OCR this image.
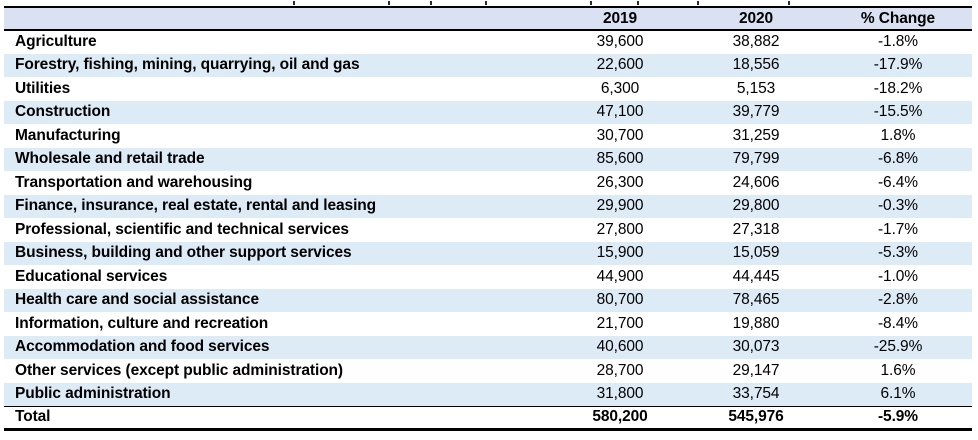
	2019	2020	% Change
Agriculture	39,600	38,882	-1.8%
Forestry, fishing, mining, quarrying, oil and gas	22,600	18,556	-17.9%
Utilities	6,300	5,153	-18.2%
Construction	47,100	39,779	-15.5%
Manufacturing	30,700	31,259	1.8%
Wholesale and retail trade	85,600	79,799	-6.8%
Transportation and warehousing	26,300	24,606	-6.4%
Finance, insurance, real estate, rental and leasing	29,900	29,800	-0.3%
Professional, scientific and technical services	27,800	27,318	-1.7%
Business, building and other support services	15,900	15,059	-5.3%
Educational services	44,900	44,445	-1.0%
Health care and social assistance	80,700	78,465	-2.8%
Information, culture and recreation	21,700	19,880	-8.4%
Accommodation and food services	40,600	30,073	-25.9%
Other services (except public administration)	28,700	29,147	1.6%
Public administration	31,800	33,754	6.1%
Total	580,200	545,976	-5.9%
